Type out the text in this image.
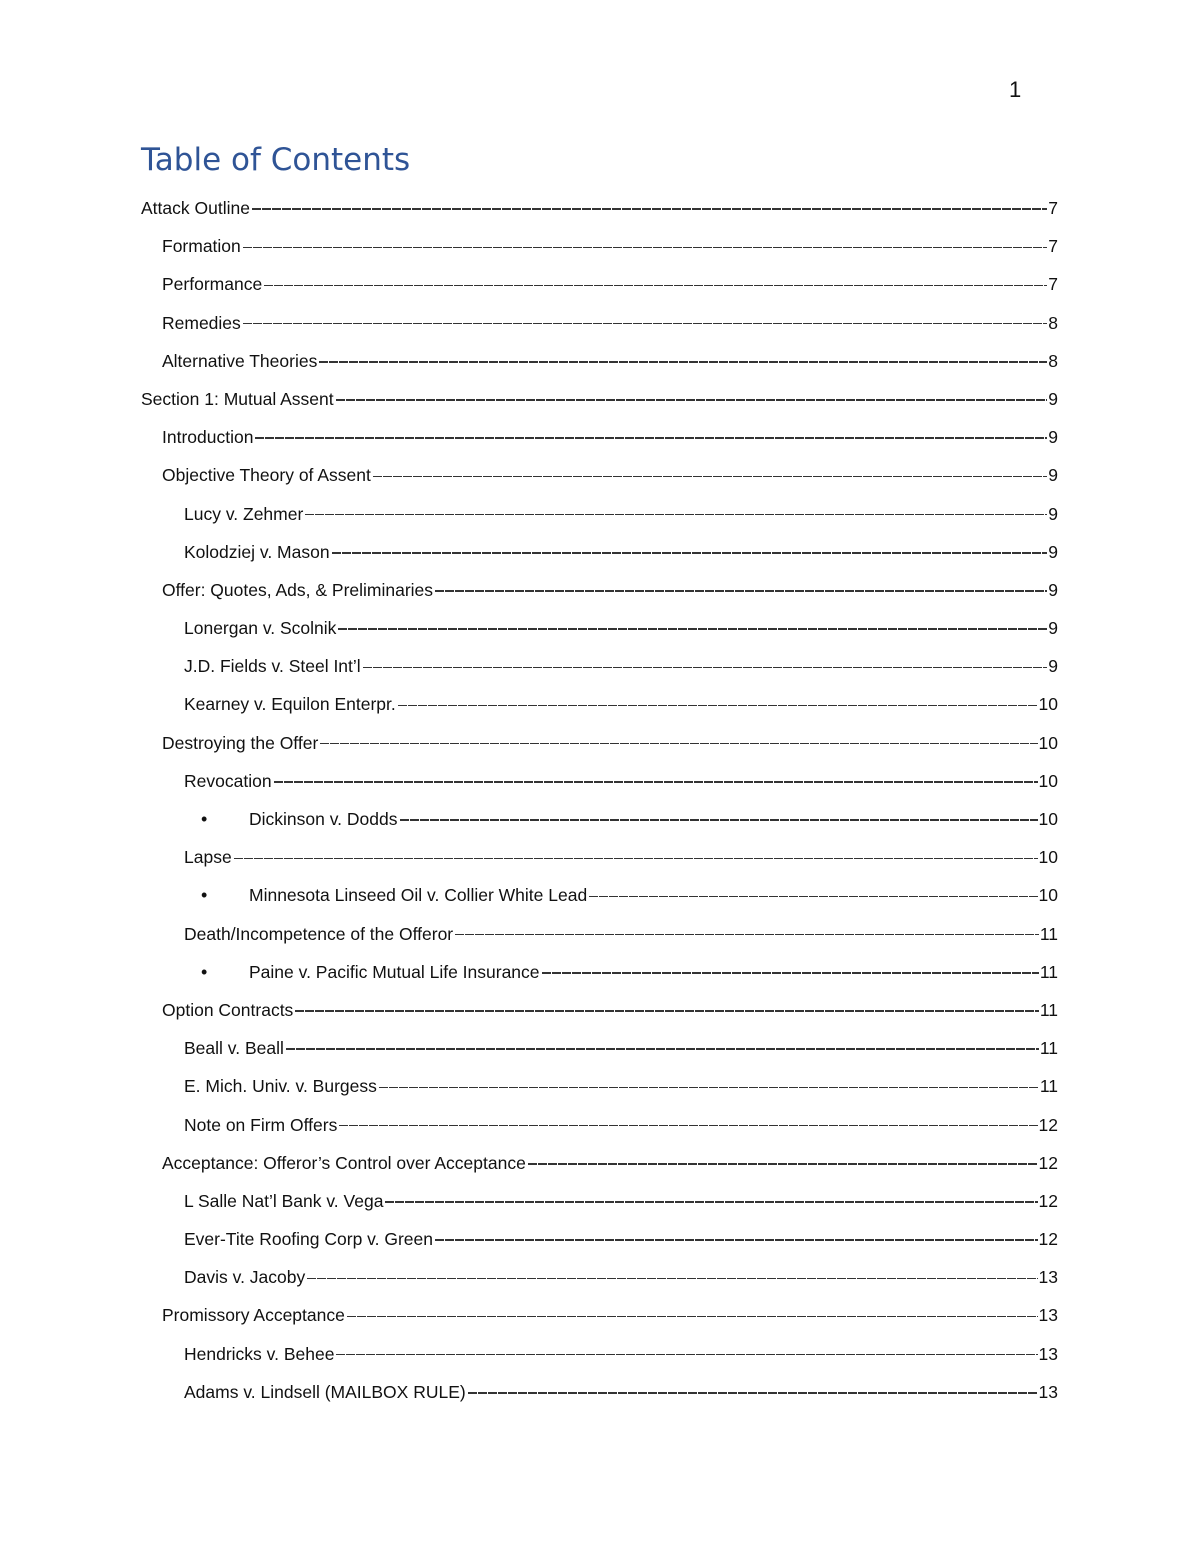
1
Table of Contents
Attack Outline	7
Formation	7
Performance	7
Remedies	8
Alternative Theories	8
Section 1: Mutual Assent	9
Introduction	9
Objective Theory of Assent	9
Lucy v. Zehmer	9
Kolodziej v. Mason	9
Offer: Quotes, Ads, & Preliminaries	9
Lonergan v. Scolnik	9
J.D. Fields v. Steel Int’l	9
Kearney v. Equilon Enterpr.	10
Destroying the Offer	10
Revocation	10
•	Dickinson v. Dodds	10
Lapse	10
•	Minnesota Linseed Oil v. Collier White Lead	10
Death/Incompetence of the Offeror	11
•	Paine v. Pacific Mutual Life Insurance	11
Option Contracts	11
Beall v. Beall	11
E. Mich. Univ. v. Burgess	11
Note on Firm Offers	12
Acceptance: Offeror’s Control over Acceptance	12
L Salle Nat’l Bank v. Vega	12
Ever-Tite Roofing Corp v. Green	12
Davis v. Jacoby	13
Promissory Acceptance	13
Hendricks v. Behee	13
Adams v. Lindsell (MAILBOX RULE)	13
